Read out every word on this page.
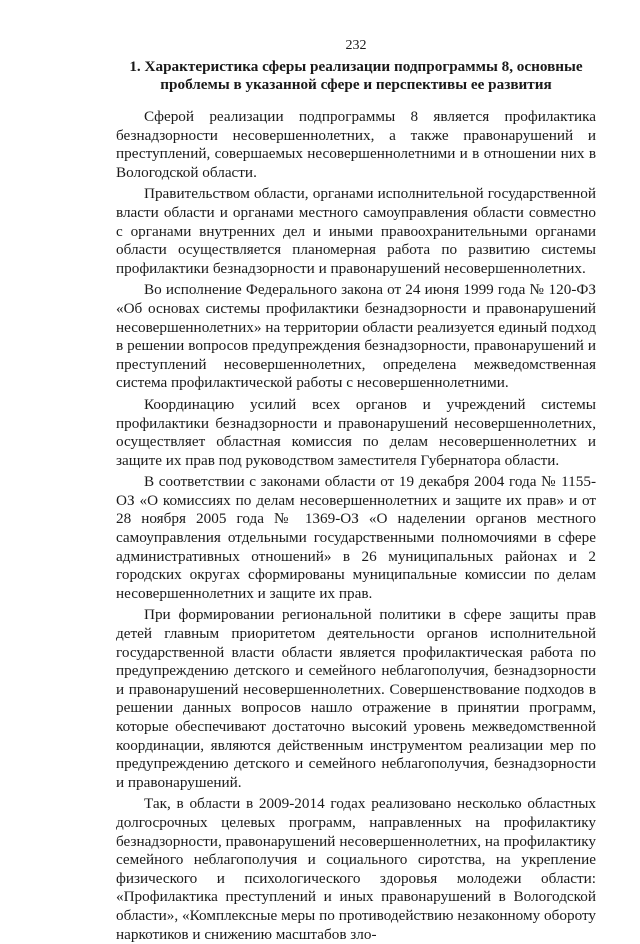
232
1. Характеристика сферы реализации подпрограммы 8, основные
проблемы в указанной сфере и перспективы ее развития

Сферой реализации подпрограммы 8 является профилактика безнадзорности несовершеннолетних, а также правонарушений и преступлений, совершаемых несовершеннолетними и в отношении них в Вологодской области.

Правительством области, органами исполнительной государственной власти области и органами местного самоуправления области совместно с органами внутренних дел и иными правоохранительными органами области осуществляется планомерная работа по развитию системы профилактики безнадзорности и правонарушений несовершеннолетних.

Во исполнение Федерального закона от 24 июня 1999 года № 120-ФЗ «Об основах системы профилактики безнадзорности и правонарушений несовершеннолетних» на территории области реализуется единый подход в решении вопросов предупреждения безнадзорности, правонарушений и преступлений несовершеннолетних, определена межведомственная система профилактической работы с несовершеннолетними.

Координацию усилий всех органов и учреждений системы профилактики безнадзорности и правонарушений несовершеннолетних, осуществляет областная комиссия по делам несовершеннолетних и защите их прав под руководством заместителя Губернатора области.

В соответствии с законами области от 19 декабря 2004 года № 1155-ОЗ «О комиссиях по делам несовершеннолетних и защите их прав» и от 28 ноября 2005 года № 1369-ОЗ «О наделении органов местного самоуправления отдельными государственными полномочиями в сфере административных отношений» в 26 муниципальных районах и 2 городских округах сформированы муниципальные комиссии по делам несовершеннолетних и защите их прав.

При формировании региональной политики в сфере защиты прав детей главным приоритетом деятельности органов исполнительной государственной власти области является профилактическая работа по предупреждению детского и семейного неблагополучия, безнадзорности и правонарушений несовершеннолетних. Совершенствование подходов в решении данных вопросов нашло отражение в принятии программ, которые обеспечивают достаточно высокий уровень межведомственной координации, являются действенным инструментом реализации мер по предупреждению детского и семейного неблагополучия, безнадзорности и правонарушений.

Так, в области в 2009-2014 годах реализовано несколько областных долгосрочных целевых программ, направленных на профилактику безнадзорности, правонарушений несовершеннолетних, на профилактику семейного неблагополучия и социального сиротства, на укрепление физического и психологического здоровья молодежи области: «Профилактика преступлений и иных правонарушений в Вологодской области», «Комплексные меры по противодействию незаконному обороту наркотиков и снижению масштабов зло-
